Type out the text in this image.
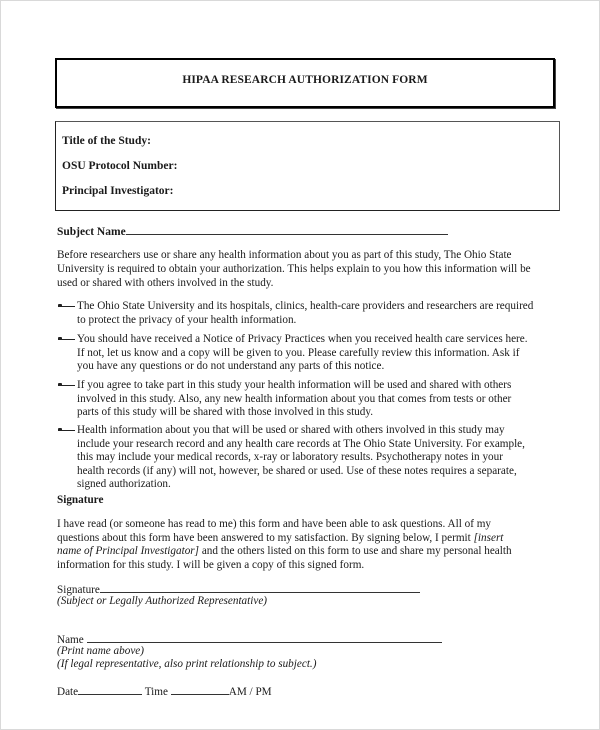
HIPAA RESEARCH AUTHORIZATION FORM
Title of the Study:
OSU Protocol Number:
Principal Investigator:
Subject Name
Before researchers use or share any health information about you as part of this study, The Ohio State
University is required to obtain your authorization. This helps explain to you how this information will be
used or shared with others involved in the study.
The Ohio State University and its hospitals, clinics, health-care providers and researchers are required
to protect the privacy of your health information.
You should have received a Notice of Privacy Practices when you received health care services here.
If not, let us know and a copy will be given to you. Please carefully review this information. Ask if
you have any questions or do not understand any parts of this notice.
If you agree to take part in this study your health information will be used and shared with others
involved in this study. Also, any new health information about you that comes from tests or other
parts of this study will be shared with those involved in this study.
Health information about you that will be used or shared with others involved in this study may
include your research record and any health care records at The Ohio State University. For example,
this may include your medical records, x-ray or laboratory results. Psychotherapy notes in your
health records (if any) will not, however, be shared or used. Use of these notes requires a separate,
signed authorization.
Signature
I have read (or someone has read to me) this form and have been able to ask questions. All of my
questions about this form have been answered to my satisfaction. By signing below, I permit [insert
name of Principal Investigator] and the others listed on this form to use and share my personal health
information for this study. I will be given a copy of this signed form.
Signature
(Subject or Legally Authorized Representative)
Name
(Print name above)
(If legal representative, also print relationship to subject.)
Date	Time	AM / PM
